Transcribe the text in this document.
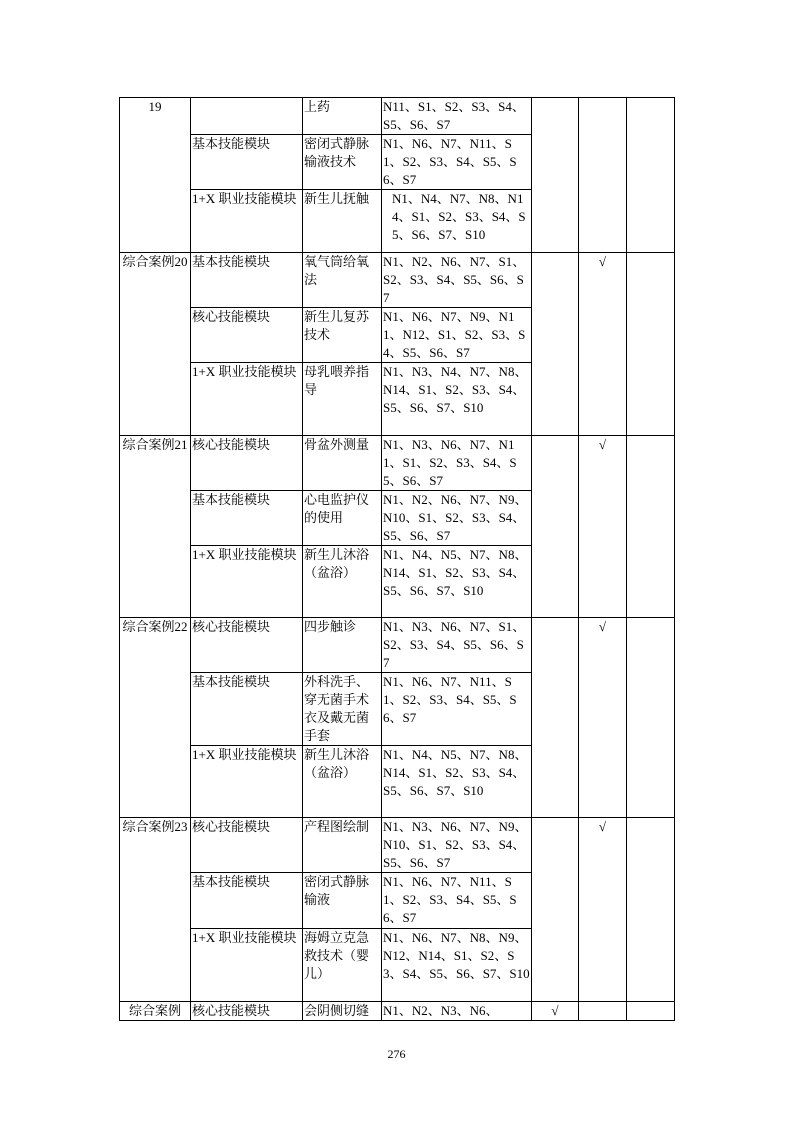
19		上药	N11、S1、S2、S3、S4、S5、S6、S7			
	基本技能模块	密闭式静脉输液技术	N1、N6、N7、N11、S1、S2、S3、S4、S5、S6、S7			
	1+X 职业技能模块	新生儿抚触	N1、N4、N7、N8、N14、S1、S2、S3、S4、S5、S6、S7、S10			
综合案例20	基本技能模块	氧气筒给氧法	N1、N2、N6、N7、S1、S2、S3、S4、S5、S6、S7		√	
	核心技能模块	新生儿复苏技术	N1、N6、N7、N9、N11、N12、S1、S2、S3、S4、S5、S6、S7			
	1+X 职业技能模块	母乳喂养指导	N1、N3、N4、N7、N8、N14、S1、S2、S3、S4、S5、S6、S7、S10			
综合案例21	核心技能模块	骨盆外测量	N1、N3、N6、N7、N11、S1、S2、S3、S4、S5、S6、S7		√	
	基本技能模块	心电监护仪的使用	N1、N2、N6、N7、N9、N10、S1、S2、S3、S4、S5、S6、S7			
	1+X 职业技能模块	新生儿沐浴（盆浴）	N1、N4、N5、N7、N8、N14、S1、S2、S3、S4、S5、S6、S7、S10			
综合案例22	核心技能模块	四步触诊	N1、N3、N6、N7、S1、S2、S3、S4、S5、S6、S7		√	
	基本技能模块	外科洗手、穿无菌手术衣及戴无菌手套	N1、N6、N7、N11、S1、S2、S3、S4、S5、S6、S7			
	1+X 职业技能模块	新生儿沐浴（盆浴）	N1、N4、N5、N7、N8、N14、S1、S2、S3、S4、S5、S6、S7、S10			
综合案例23	核心技能模块	产程图绘制	N1、N3、N6、N7、N9、N10、S1、S2、S3、S4、S5、S6、S7		√	
	基本技能模块	密闭式静脉输液	N1、N6、N7、N11、S1、S2、S3、S4、S5、S6、S7			
	1+X 职业技能模块	海姆立克急救技术（婴儿）	N1、N6、N7、N8、N9、N12、N14、S1、S2、S3、S4、S5、S6、S7、S10			
综合案例	核心技能模块	会阴侧切缝	N1、N2、N3、N6、	√		
276
